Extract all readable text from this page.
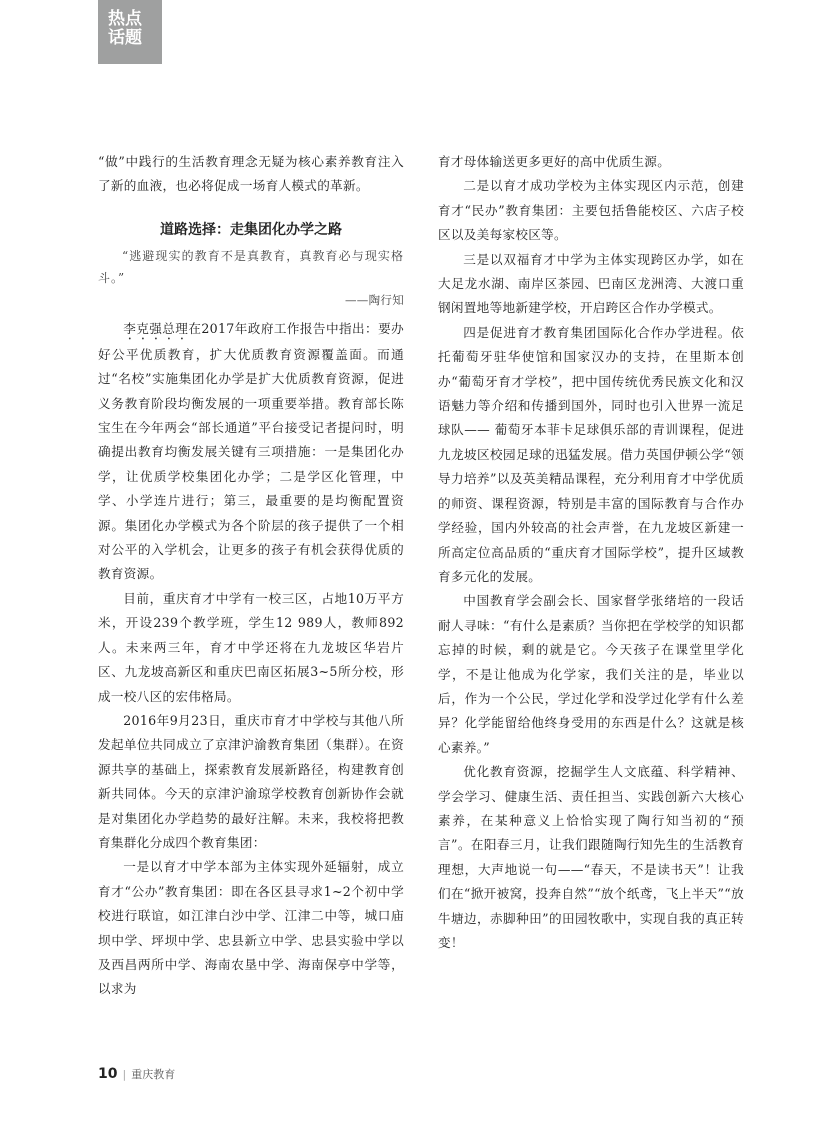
热点
话题

“做”中践行的生活教育理念无疑为核心素养教育注入了新的血液，也必将促成一场育人模式的革新。

道路选择：走集团化办学之路

“逃避现实的教育不是真教育，真教育必与现实格斗。”

——陶行知

李克强总理在2017年政府工作报告中指出：要办好公平优质教育，扩大优质教育资源覆盖面。而通过“名校”实施集团化办学是扩大优质教育资源，促进义务教育阶段均衡发展的一项重要举措。教育部长陈宝生在今年两会“部长通道”平台接受记者提问时，明确提出教育均衡发展关键有三项措施：一是集团化办学，让优质学校集团化办学；二是学区化管理，中学、小学连片进行；第三，最重要的是均衡配置资源。集团化办学模式为各个阶层的孩子提供了一个相对公平的入学机会，让更多的孩子有机会获得优质的教育资源。

目前，重庆育才中学有一校三区，占地10万平方米，开设239个教学班，学生12 989人，教师892人。未来两三年，育才中学还将在九龙坡区华岩片区、九龙坡高新区和重庆巴南区拓展3~5所分校，形成一校八区的宏伟格局。

2016年9月23日，重庆市育才中学校与其他八所发起单位共同成立了京津沪渝教育集团（集群）。在资源共享的基础上，探索教育发展新路径，构建教育创新共同体。今天的京津沪渝琼学校教育创新协作会就是对集团化办学趋势的最好注解。未来，我校将把教育集群化分成四个教育集团：

一是以育才中学本部为主体实现外延辐射，成立育才“公办”教育集团：即在各区县寻求1~2个初中学校进行联谊，如江津白沙中学、江津二中等，城口庙坝中学、坪坝中学、忠县新立中学、忠县实验中学以及西昌两所中学、海南农垦中学、海南保亭中学等，以求为

育才母体输送更多更好的高中优质生源。

二是以育才成功学校为主体实现区内示范，创建育才“民办”教育集团：主要包括鲁能校区、六店子校区以及美每家校区等。

三是以双福育才中学为主体实现跨区办学，如在大足龙水湖、南岸区茶园、巴南区龙洲湾、大渡口重钢闲置地等地新建学校，开启跨区合作办学模式。

四是促进育才教育集团国际化合作办学进程。依托葡萄牙驻华使馆和国家汉办的支持，在里斯本创办“葡萄牙育才学校”，把中国传统优秀民族文化和汉语魅力等介绍和传播到国外，同时也引入世界一流足球队—— 葡萄牙本菲卡足球俱乐部的青训课程，促进九龙坡区校园足球的迅猛发展。借力英国伊顿公学“领导力培养”以及英美精品课程，充分利用育才中学优质的师资、课程资源，特别是丰富的国际教育与合作办学经验，国内外较高的社会声誉，在九龙坡区新建一所高定位高品质的“重庆育才国际学校”，提升区域教育多元化的发展。

中国教育学会副会长、国家督学张绪培的一段话耐人寻味：“有什么是素质？当你把在学校学的知识都忘掉的时候，剩的就是它。今天孩子在课堂里学化学，不是让他成为化学家，我们关注的是，毕业以后，作为一个公民，学过化学和没学过化学有什么差异？化学能留给他终身受用的东西是什么？这就是核心素养。”

优化教育资源，挖掘学生人文底蕴、科学精神、学会学习、健康生活、责任担当、实践创新六大核心素养，在某种意义上恰恰实现了陶行知当初的“预言”。在阳春三月，让我们跟随陶行知先生的生活教育理想，大声地说一句——“春天，不是读书天”！让我们在“掀开被窝，投奔自然”“放个纸鸢，飞上半天”“放牛塘边，赤脚种田”的田园牧歌中，实现自我的真正转变！

10 | 重庆教育
